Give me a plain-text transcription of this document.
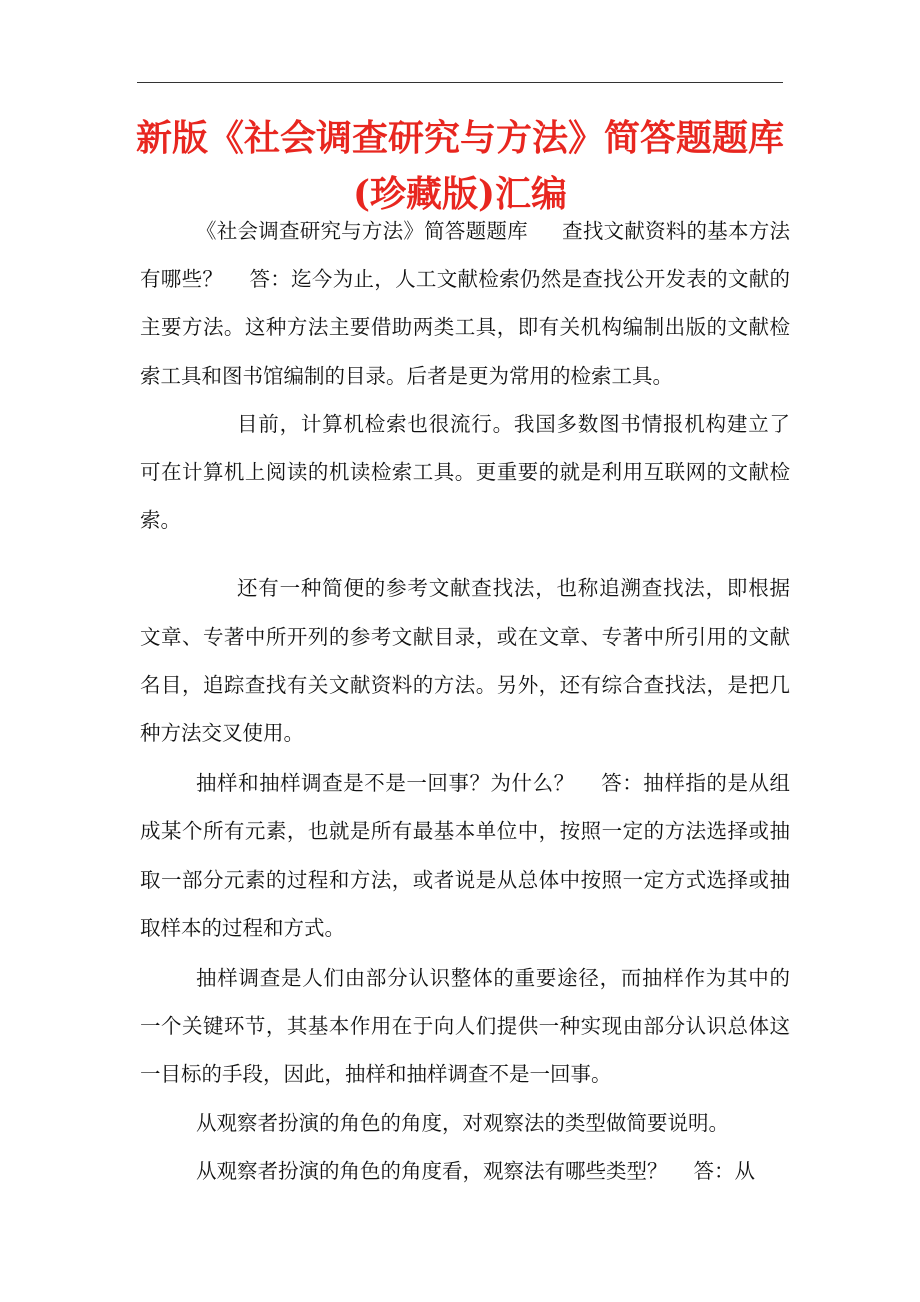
新版《社会调查研究与方法》简答题题库(珍藏版)汇编

《社会调查研究与方法》简答题题库 查找文献资料的基本方法有哪些？ 答：迄今为止，人工文献检索仍然是查找公开发表的文献的主要方法。这种方法主要借助两类工具，即有关机构编制出版的文献检索工具和图书馆编制的目录。后者是更为常用的检索工具。

目前，计算机检索也很流行。我国多数图书情报机构建立了可在计算机上阅读的机读检索工具。更重要的就是利用互联网的文献检索。

还有一种简便的参考文献查找法，也称追溯查找法，即根据文章、专著中所开列的参考文献目录，或在文章、专著中所引用的文献名目，追踪查找有关文献资料的方法。另外，还有综合查找法，是把几种方法交叉使用。

抽样和抽样调查是不是一回事？为什么？ 答：抽样指的是从组成某个所有元素，也就是所有最基本单位中，按照一定的方法选择或抽取一部分元素的过程和方法，或者说是从总体中按照一定方式选择或抽取样本的过程和方式。

抽样调查是人们由部分认识整体的重要途径，而抽样作为其中的一个关键环节，其基本作用在于向人们提供一种实现由部分认识总体这一目标的手段，因此，抽样和抽样调查不是一回事。

从观察者扮演的角色的角度，对观察法的类型做简要说明。

从观察者扮演的角色的角度看，观察法有哪些类型？ 答：从
